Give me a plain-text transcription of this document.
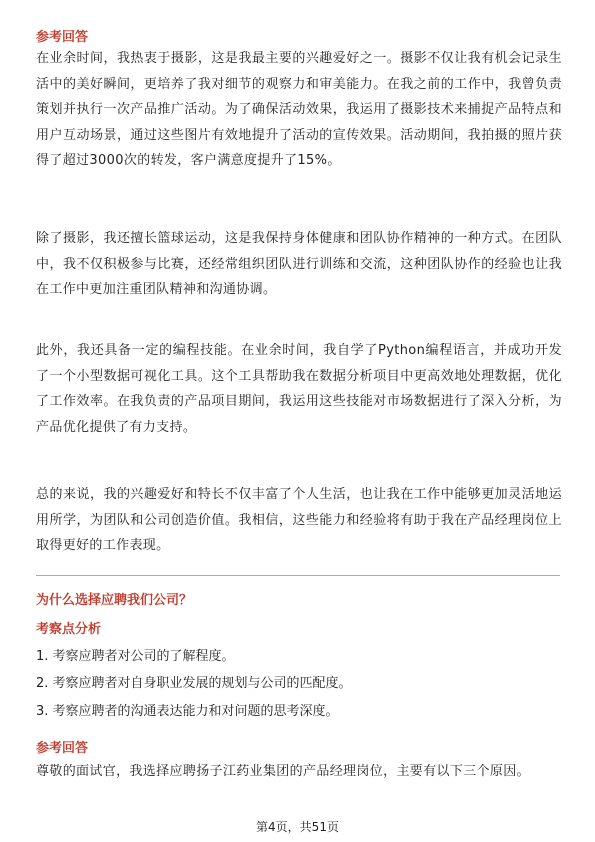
参考回答
在业余时间，我热衷于摄影，这是我最主要的兴趣爱好之一。摄影不仅让我有机会记录生活中的美好瞬间，更培养了我对细节的观察力和审美能力。在我之前的工作中，我曾负责策划并执行一次产品推广活动。为了确保活动效果，我运用了摄影技术来捕捉产品特点和用户互动场景，通过这些图片有效地提升了活动的宣传效果。活动期间，我拍摄的照片获得了超过3000次的转发，客户满意度提升了15%。
除了摄影，我还擅长篮球运动，这是我保持身体健康和团队协作精神的一种方式。在团队中，我不仅积极参与比赛，还经常组织团队进行训练和交流，这种团队协作的经验也让我在工作中更加注重团队精神和沟通协调。
此外，我还具备一定的编程技能。在业余时间，我自学了Python编程语言，并成功开发了一个小型数据可视化工具。这个工具帮助我在数据分析项目中更高效地处理数据，优化了工作效率。在我负责的产品项目期间，我运用这些技能对市场数据进行了深入分析，为产品优化提供了有力支持。
总的来说，我的兴趣爱好和特长不仅丰富了个人生活，也让我在工作中能够更加灵活地运用所学，为团队和公司创造价值。我相信，这些能力和经验将有助于我在产品经理岗位上取得更好的工作表现。
为什么选择应聘我们公司？
考察点分析
1. 考察应聘者对公司的了解程度。
2. 考察应聘者对自身职业发展的规划与公司的匹配度。
3. 考察应聘者的沟通表达能力和对问题的思考深度。
参考回答
尊敬的面试官，我选择应聘扬子江药业集团的产品经理岗位，主要有以下三个原因。
第4页，共51页
